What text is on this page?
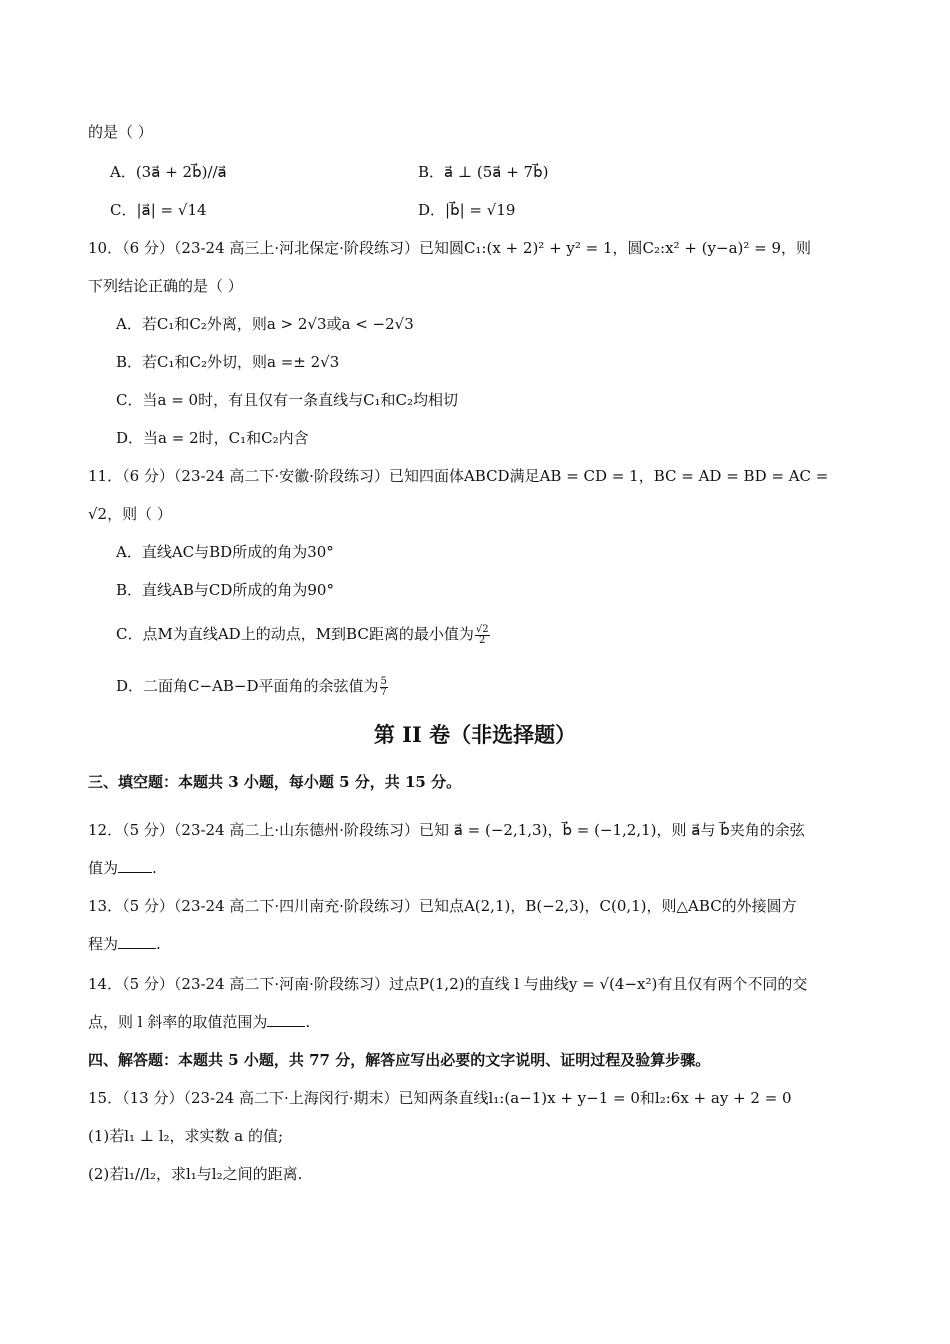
的是（ ）
A．(3a⃗ + 2b⃗)//a⃗	B．a⃗ ⊥ (5a⃗ + 7b⃗)
C．|a⃗| = √14	D．|b⃗| = √19
10．（6 分）（23-24 高三上·河北保定·阶段练习）已知圆C₁:(x + 2)² + y² = 1，圆C₂:x² + (y−a)² = 9，则
下列结论正确的是（ ）
A．若C₁和C₂外离，则a > 2√3或a < −2√3
B．若C₁和C₂外切，则a =± 2√3
C．当a = 0时，有且仅有一条直线与C₁和C₂均相切
D．当a = 2时，C₁和C₂内含
11．（6 分）（23-24 高二下·安徽·阶段练习）已知四面体ABCD满足AB = CD = 1，BC = AD = BD = AC =
√2，则（ ）
A．直线AC与BD所成的角为30°
B．直线AB与CD所成的角为90°
C．点M为直线AD上的动点，M到BC距离的最小值为 $\frac{√2}{2}$
D．二面角C−AB−D平面角的余弦值为 $\frac{5}{7}$
第 II 卷（非选择题）
三、填空题：本题共 3 小题，每小题 5 分，共 15 分。
12．（5 分）（23-24 高二上·山东德州·阶段练习）已知 a⃗ = (−2,1,3)，b⃗ = (−1,2,1)，则 a⃗与 b⃗夹角的余弦
值为 .
13．（5 分）（23-24 高二下·四川南充·阶段练习）已知点A(2,1)，B(−2,3)，C(0,1)，则△ABC的外接圆方
程为	.
14．（5 分）（23-24 高二下·河南·阶段练习）过点P(1,2)的直线 l 与曲线y = √(4−x²)有且仅有两个不同的交
点，则 l 斜率的取值范围为	.
四、解答题：本题共 5 小题，共 77 分，解答应写出必要的文字说明、证明过程及验算步骤。
15．（13 分）（23-24 高二下·上海闵行·期末）已知两条直线l₁:(a−1)x + y−1 = 0和l₂:6x + ay + 2 = 0
(1)若l₁ ⊥ l₂，求实数 a 的值;
(2)若l₁//l₂，求l₁与l₂之间的距离.
